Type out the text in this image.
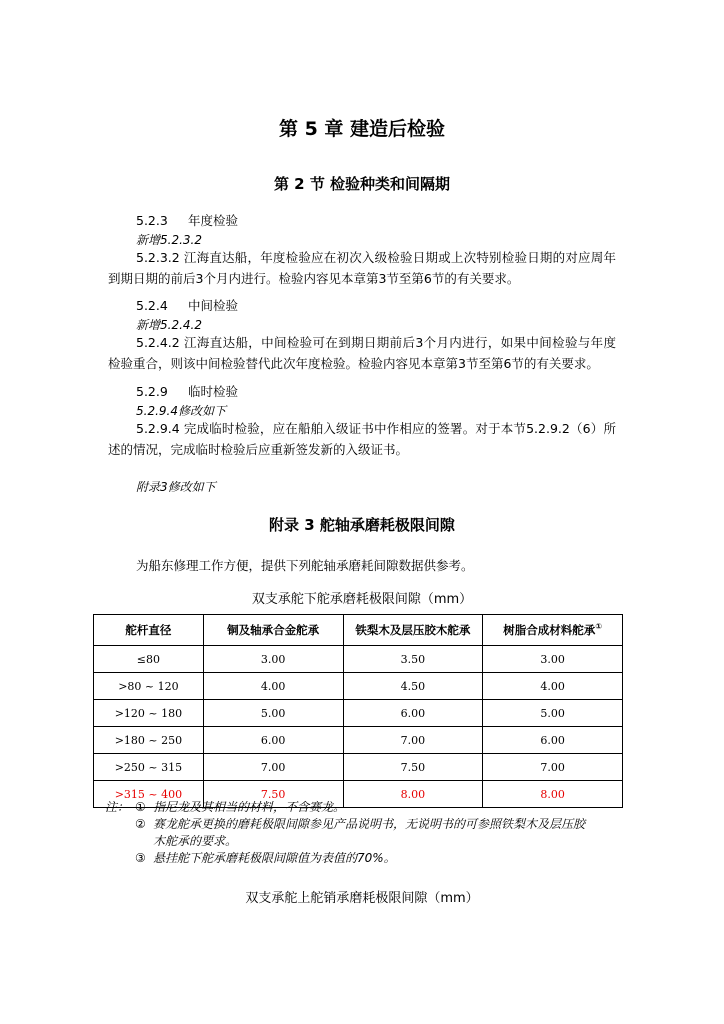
第 5 章 建造后检验
第 2 节 检验种类和间隔期
5.2.3 年度检验
新增5.2.3.2
5.2.3.2 江海直达船，年度检验应在初次入级检验日期或上次特别检验日期的对应周年到期日期的前后3个月内进行。检验内容见本章第3节至第6节的有关要求。
5.2.4 中间检验
新增5.2.4.2
5.2.4.2 江海直达船，中间检验可在到期日期前后3个月内进行，如果中间检验与年度检验重合，则该中间检验替代此次年度检验。检验内容见本章第3节至第6节的有关要求。
5.2.9 临时检验
5.2.9.4修改如下
5.2.9.4 完成临时检验，应在船舶入级证书中作相应的签署。对于本节5.2.9.2（6）所述的情况，完成临时检验后应重新签发新的入级证书。
附录3修改如下
附录 3 舵轴承磨耗极限间隙
为船东修理工作方便，提供下列舵轴承磨耗间隙数据供参考。
双支承舵下舵承磨耗极限间隙（mm）
舵杆直径	铜及轴承合金舵承	铁梨木及层压胶木舵承	树脂合成材料舵承①
≤80	3.00	3.50	3.00
>80 ~ 120	4.00	4.50	4.00
>120 ~ 180	5.00	6.00	5.00
>180 ~ 250	6.00	7.00	6.00
>250 ~ 315	7.00	7.50	7.00
>315 ~ 400	7.50	8.00	8.00
注： ① 指尼龙及其相当的材料，不含赛龙。
② 赛龙舵承更换的磨耗极限间隙参见产品说明书，无说明书的可参照铁梨木及层压胶
木舵承的要求。
③ 悬挂舵下舵承磨耗极限间隙值为表值的70%。
双支承舵上舵销承磨耗极限间隙（mm）
